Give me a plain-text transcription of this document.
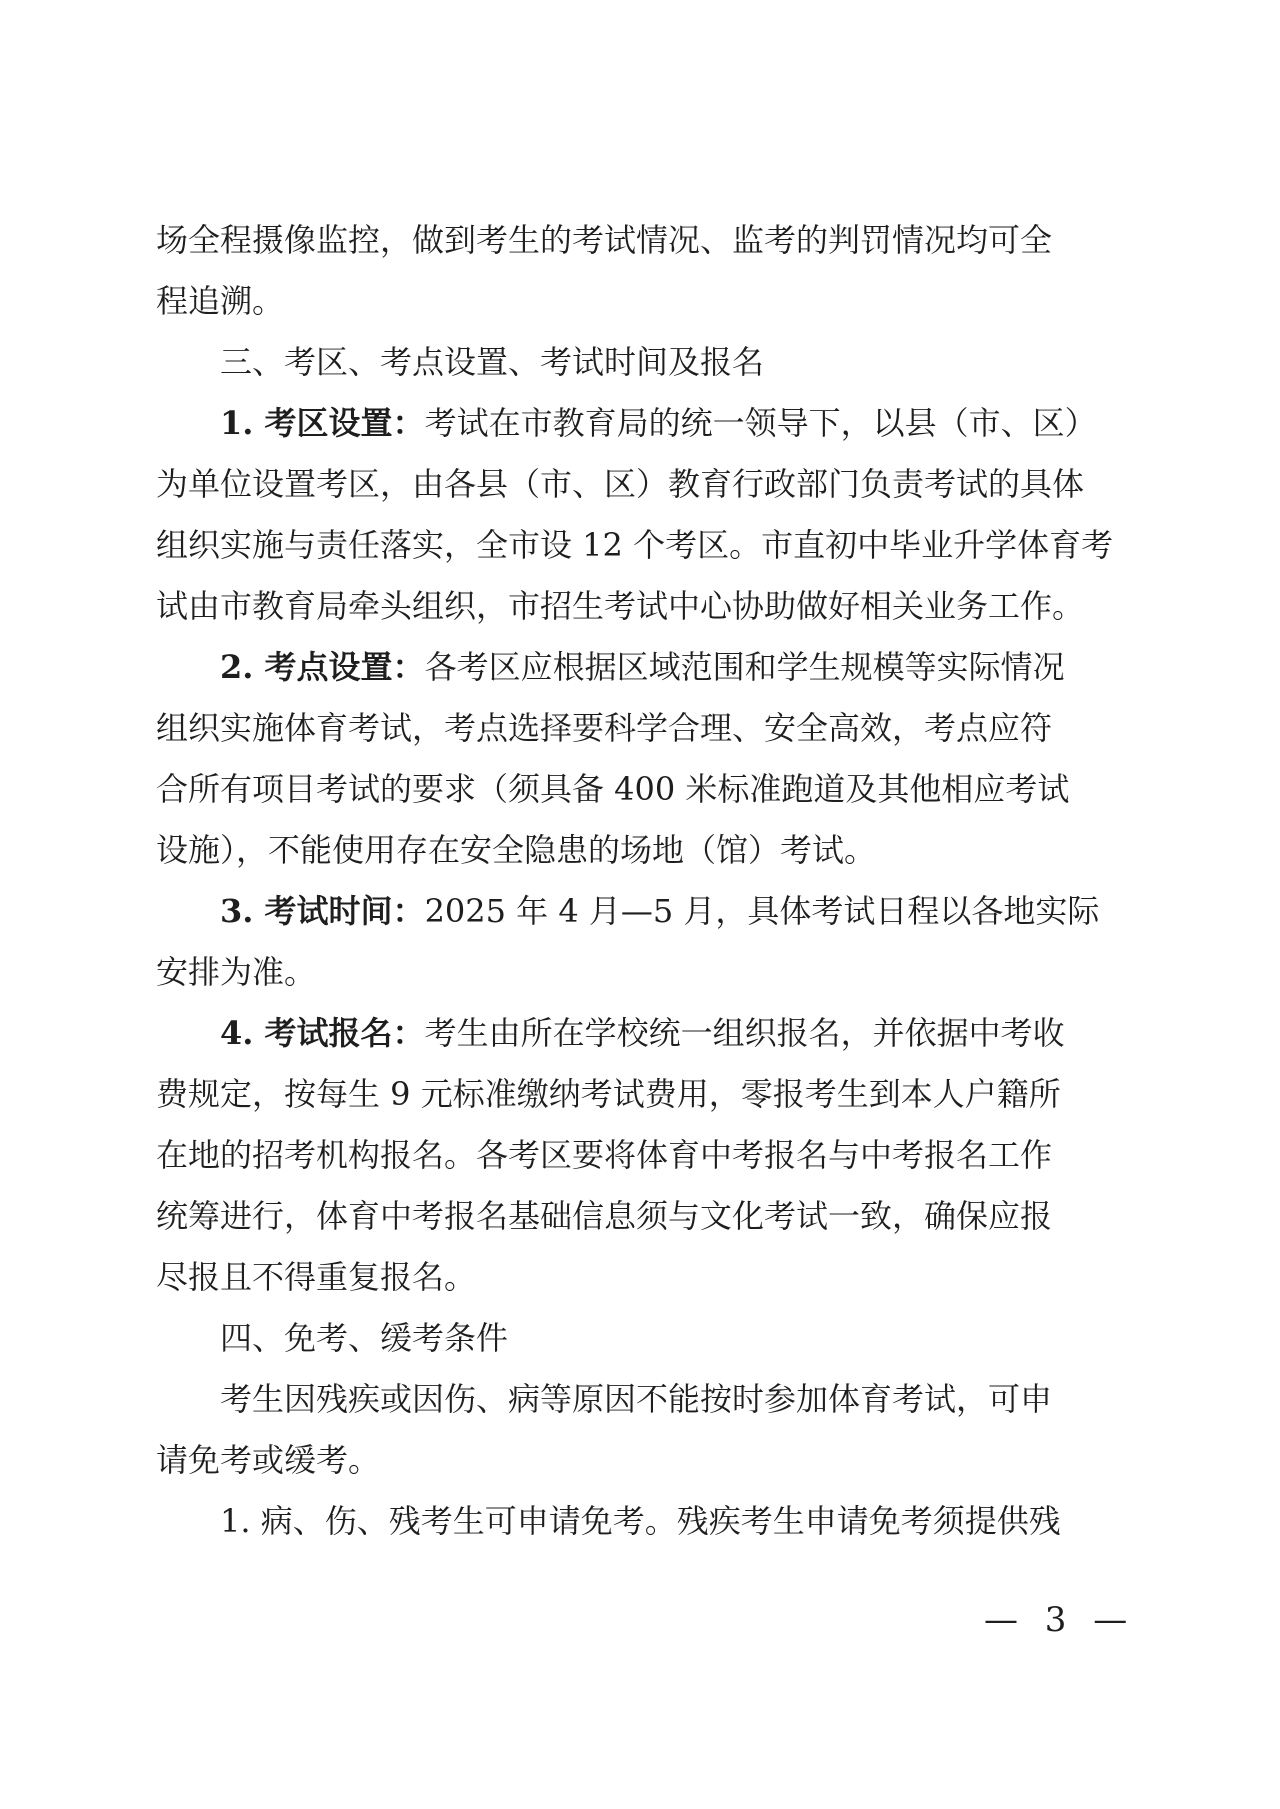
场全程摄像监控，做到考生的考试情况、监考的判罚情况均可全
程追溯。
三、考区、考点设置、考试时间及报名
1. 考区设置：考试在市教育局的统一领导下，以县（市、区）
为单位设置考区，由各县（市、区）教育行政部门负责考试的具体
组织实施与责任落实，全市设 12 个考区。市直初中毕业升学体育考
试由市教育局牵头组织，市招生考试中心协助做好相关业务工作。
2. 考点设置：各考区应根据区域范围和学生规模等实际情况
组织实施体育考试，考点选择要科学合理、安全高效，考点应符
合所有项目考试的要求（须具备 400 米标准跑道及其他相应考试
设施），不能使用存在安全隐患的场地（馆）考试。
3. 考试时间：2025 年 4 月—5 月，具体考试日程以各地实际
安排为准。
4. 考试报名：考生由所在学校统一组织报名，并依据中考收
费规定，按每生 9 元标准缴纳考试费用，零报考生到本人户籍所
在地的招考机构报名。各考区要将体育中考报名与中考报名工作
统筹进行，体育中考报名基础信息须与文化考试一致，确保应报
尽报且不得重复报名。
四、免考、缓考条件
考生因残疾或因伤、病等原因不能按时参加体育考试，可申
请免考或缓考。
1. 病、伤、残考生可申请免考。残疾考生申请免考须提供残
— 3 —
